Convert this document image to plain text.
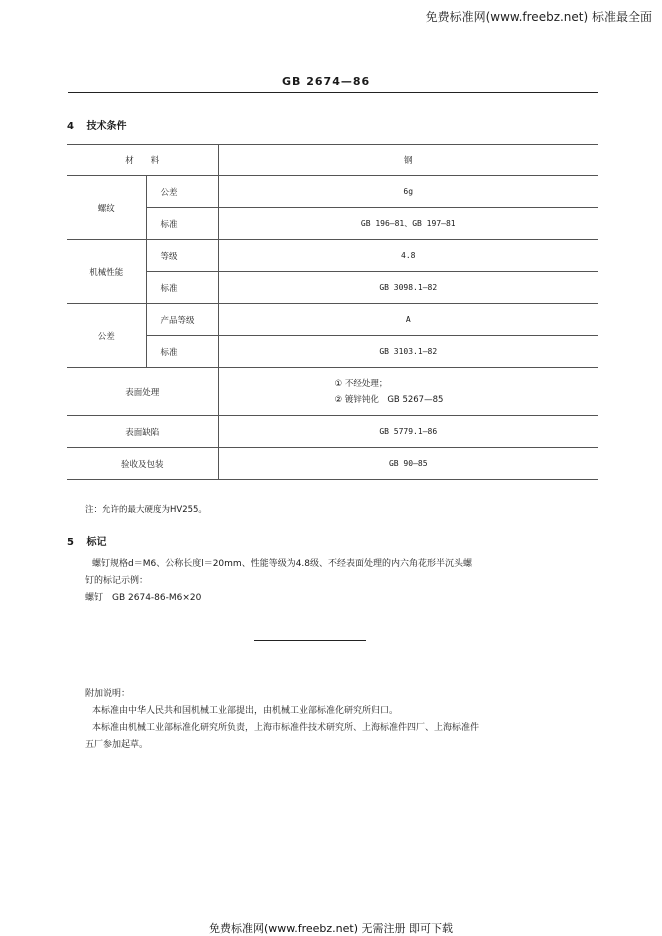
免费标准网(www.freebz.net) 标准最全面
GB 2674—86
4 技术条件
材　　料		钢
螺纹	公差	6g
	标准	GB 196—81、GB 197—81
机械性能	等级	4.8
	标准	GB 3098.1—82
公差	产品等级	A
	标准	GB 3103.1—82
表面处理		① 不经处理；
② 镀锌钝化　GB 5267—85

表面缺陷		GB 5779.1—86
验收及包装		GB 90—85
注：允许的最大硬度为HV255。
5 标记
螺钉规格d＝M6、公称长度l＝20mm、性能等级为4.8级、不经表面处理的内六角花形半沉头螺
钉的标记示例：
螺钉　GB 2674-86-M6×20
附加说明：
本标准由中华人民共和国机械工业部提出，由机械工业部标准化研究所归口。
本标准由机械工业部标准化研究所负责，上海市标准件技术研究所、上海标准件四厂、上海标准件
五厂参加起草。
免费标准网(www.freebz.net) 无需注册 即可下载
